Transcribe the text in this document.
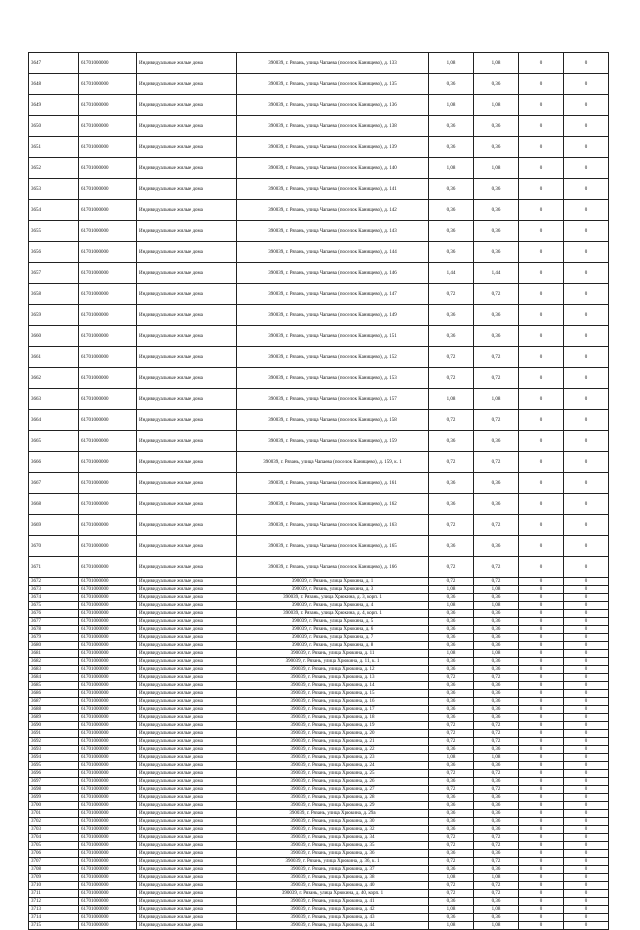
3647	61701000000	Индивидуальные жилые дома	390039, г. Рязань, улица Чапаева (поселок Канищево), д. 133	1,08	1,08	0	0
3648	61701000000	Индивидуальные жилые дома	390039, г. Рязань, улица Чапаева (поселок Канищево), д. 135	0,36	0,36	0	0
3649	61701000000	Индивидуальные жилые дома	390039, г. Рязань, улица Чапаева (поселок Канищево), д. 136	1,08	1,08	0	0
3650	61701000000	Индивидуальные жилые дома	390039, г. Рязань, улица Чапаева (поселок Канищево), д. 138	0,36	0,36	0	0
3651	61701000000	Индивидуальные жилые дома	390039, г. Рязань, улица Чапаева (поселок Канищево), д. 139	0,36	0,36	0	0
3652	61701000000	Индивидуальные жилые дома	390039, г. Рязань, улица Чапаева (поселок Канищево), д. 140	1,08	1,08	0	0
3653	61701000000	Индивидуальные жилые дома	390039, г. Рязань, улица Чапаева (поселок Канищево), д. 141	0,36	0,36	0	0
3654	61701000000	Индивидуальные жилые дома	390039, г. Рязань, улица Чапаева (поселок Канищево), д. 142	0,36	0,36	0	0
3655	61701000000	Индивидуальные жилые дома	390039, г. Рязань, улица Чапаева (поселок Канищево), д. 143	0,36	0,36	0	0
3656	61701000000	Индивидуальные жилые дома	390039, г. Рязань, улица Чапаева (поселок Канищево), д. 144	0,36	0,36	0	0
3657	61701000000	Индивидуальные жилые дома	390039, г. Рязань, улица Чапаева (поселок Канищево), д. 146	1,44	1,44	0	0
3658	61701000000	Индивидуальные жилые дома	390039, г. Рязань, улица Чапаева (поселок Канищево), д. 147	0,72	0,72	0	0
3659	61701000000	Индивидуальные жилые дома	390039, г. Рязань, улица Чапаева (поселок Канищево), д. 149	0,36	0,36	0	0
3660	61701000000	Индивидуальные жилые дома	390039, г. Рязань, улица Чапаева (поселок Канищево), д. 151	0,36	0,36	0	0
3661	61701000000	Индивидуальные жилые дома	390039, г. Рязань, улица Чапаева (поселок Канищево), д. 152	0,72	0,72	0	0
3662	61701000000	Индивидуальные жилые дома	390039, г. Рязань, улица Чапаева (поселок Канищево), д. 153	0,72	0,72	0	0
3663	61701000000	Индивидуальные жилые дома	390039, г. Рязань, улица Чапаева (поселок Канищево), д. 157	1,08	1,08	0	0
3664	61701000000	Индивидуальные жилые дома	390039, г. Рязань, улица Чапаева (поселок Канищево), д. 158	0,72	0,72	0	0
3665	61701000000	Индивидуальные жилые дома	390039, г. Рязань, улица Чапаева (поселок Канищево), д. 159	0,36	0,36	0	0
3666	61701000000	Индивидуальные жилые дома	390039, г. Рязань, улица Чапаева (поселок Канищево), д. 159, к. 1	0,72	0,72	0	0
3667	61701000000	Индивидуальные жилые дома	390039, г. Рязань, улица Чапаева (поселок Канищево), д. 161	0,36	0,36	0	0
3668	61701000000	Индивидуальные жилые дома	390039, г. Рязань, улица Чапаева (поселок Канищево), д. 162	0,36	0,36	0	0
3669	61701000000	Индивидуальные жилые дома	390039, г. Рязань, улица Чапаева (поселок Канищево), д. 163	0,72	0,72	0	0
3670	61701000000	Индивидуальные жилые дома	390039, г. Рязань, улица Чапаева (поселок Канищево), д. 165	0,36	0,36	0	0
3671	61701000000	Индивидуальные жилые дома	390039, г. Рязань, улица Чапаева (поселок Канищево), д. 166	0,72	0,72	0	0
3672	61701000000	Индивидуальные жилые дома	390039, г. Рязань, улица Хрюкина, д. 1	0,72	0,72	0	0
3673	61701000000	Индивидуальные жилые дома	390039, г. Рязань, улица Хрюкина, д. 3	1,08	1,08	0	0
3674	61701000000	Индивидуальные жилые дома	390039, г. Рязань, улица Хрюкина, д. 3, корп. 1	0,36	0,36	0	0
3675	61701000000	Индивидуальные жилые дома	390039, г. Рязань, улица Хрюкина, д. 4	1,08	1,08	0	0
3676	61701000000	Индивидуальные жилые дома	390039, г. Рязань, улица Хрюкина, д. 4, корп. 1	0,36	0,36	0	0
3677	61701000000	Индивидуальные жилые дома	390039, г. Рязань, улица Хрюкина, д. 5	0,36	0,36	0	0
3678	61701000000	Индивидуальные жилые дома	390039, г. Рязань, улица Хрюкина, д. 6	0,36	0,36	0	0
3679	61701000000	Индивидуальные жилые дома	390039, г. Рязань, улица Хрюкина, д. 7	0,36	0,36	0	0
3680	61701000000	Индивидуальные жилые дома	390039, г. Рязань, улица Хрюкина, д. 8	0,36	0,36	0	0
3681	61701000000	Индивидуальные жилые дома	390039, г. Рязань, улица Хрюкина, д. 11	1,08	1,08	0	0
3682	61701000000	Индивидуальные жилые дома	390039, г. Рязань, улица Хрюкина, д. 11, к. 1	0,36	0,36	0	0
3683	61701000000	Индивидуальные жилые дома	390039, г. Рязань, улица Хрюкина, д. 12	0,36	0,36	0	0
3684	61701000000	Индивидуальные жилые дома	390039, г. Рязань, улица Хрюкина, д. 13	0,72	0,72	0	0
3685	61701000000	Индивидуальные жилые дома	390039, г. Рязань, улица Хрюкина, д. 14	0,36	0,36	0	0
3686	61701000000	Индивидуальные жилые дома	390039, г. Рязань, улица Хрюкина, д. 15	0,36	0,36	0	0
3687	61701000000	Индивидуальные жилые дома	390039, г. Рязань, улица Хрюкина, д. 16	0,36	0,36	0	0
3688	61701000000	Индивидуальные жилые дома	390039, г. Рязань, улица Хрюкина, д. 17	0,36	0,36	0	0
3689	61701000000	Индивидуальные жилые дома	390039, г. Рязань, улица Хрюкина, д. 18	0,36	0,36	0	0
3690	61701000000	Индивидуальные жилые дома	390039, г. Рязань, улица Хрюкина, д. 19	0,72	0,72	0	0
3691	61701000000	Индивидуальные жилые дома	390039, г. Рязань, улица Хрюкина, д. 20	0,72	0,72	0	0
3692	61701000000	Индивидуальные жилые дома	390039, г. Рязань, улица Хрюкина, д. 21	0,72	0,72	0	0
3693	61701000000	Индивидуальные жилые дома	390039, г. Рязань, улица Хрюкина, д. 22	0,36	0,36	0	0
3694	61701000000	Индивидуальные жилые дома	390039, г. Рязань, улица Хрюкина, д. 23	1,08	1,08	0	0
3695	61701000000	Индивидуальные жилые дома	390039, г. Рязань, улица Хрюкина, д. 24	0,36	0,36	0	0
3696	61701000000	Индивидуальные жилые дома	390039, г. Рязань, улица Хрюкина, д. 25	0,72	0,72	0	0
3697	61701000000	Индивидуальные жилые дома	390039, г. Рязань, улица Хрюкина, д. 26	0,36	0,36	0	0
3698	61701000000	Индивидуальные жилые дома	390039, г. Рязань, улица Хрюкина, д. 27	0,72	0,72	0	0
3699	61701000000	Индивидуальные жилые дома	390039, г. Рязань, улица Хрюкина, д. 28	0,36	0,36	0	0
3700	61701000000	Индивидуальные жилые дома	390039, г. Рязань, улица Хрюкина, д. 29	0,36	0,36	0	0
3701	61701000000	Индивидуальные жилые дома	390039, г. Рязань, улица Хрюкина, д. 29а	0,36	0,36	0	0
3702	61701000000	Индивидуальные жилые дома	390039, г. Рязань, улица Хрюкина, д. 30	0,36	0,36	0	0
3703	61701000000	Индивидуальные жилые дома	390039, г. Рязань, улица Хрюкина, д. 32	0,36	0,36	0	0
3704	61701000000	Индивидуальные жилые дома	390039, г. Рязань, улица Хрюкина, д. 34	0,72	0,72	0	0
3705	61701000000	Индивидуальные жилые дома	390039, г. Рязань, улица Хрюкина, д. 35	0,72	0,72	0	0
3706	61701000000	Индивидуальные жилые дома	390039, г. Рязань, улица Хрюкина, д. 36	0,36	0,36	0	0
3707	61701000000	Индивидуальные жилые дома	390039, г. Рязань, улица Хрюкина, д. 36, к. 1	0,72	0,72	0	0
3708	61701000000	Индивидуальные жилые дома	390039, г. Рязань, улица Хрюкина, д. 37	0,36	0,36	0	0
3709	61701000000	Индивидуальные жилые дома	390039, г. Рязань, улица Хрюкина, д. 38	1,08	1,08	0	0
3710	61701000000	Индивидуальные жилые дома	390039, г. Рязань, улица Хрюкина, д. 40	0,72	0,72	0	0
3711	61701000000	Индивидуальные жилые дома	390039, г. Рязань, улица Хрюкина, д. 40, корп. 1	0,72	0,72	0	0
3712	61701000000	Индивидуальные жилые дома	390039, г. Рязань, улица Хрюкина, д. 41	0,36	0,36	0	0
3713	61701000000	Индивидуальные жилые дома	390039, г. Рязань, улица Хрюкина, д. 42	1,08	1,08	0	0
3714	61701000000	Индивидуальные жилые дома	390039, г. Рязань, улица Хрюкина, д. 43	0,36	0,36	0	0
3715	61701000000	Индивидуальные жилые дома	390039, г. Рязань, улица Хрюкина, д. 44	1,08	1,08	0	0
